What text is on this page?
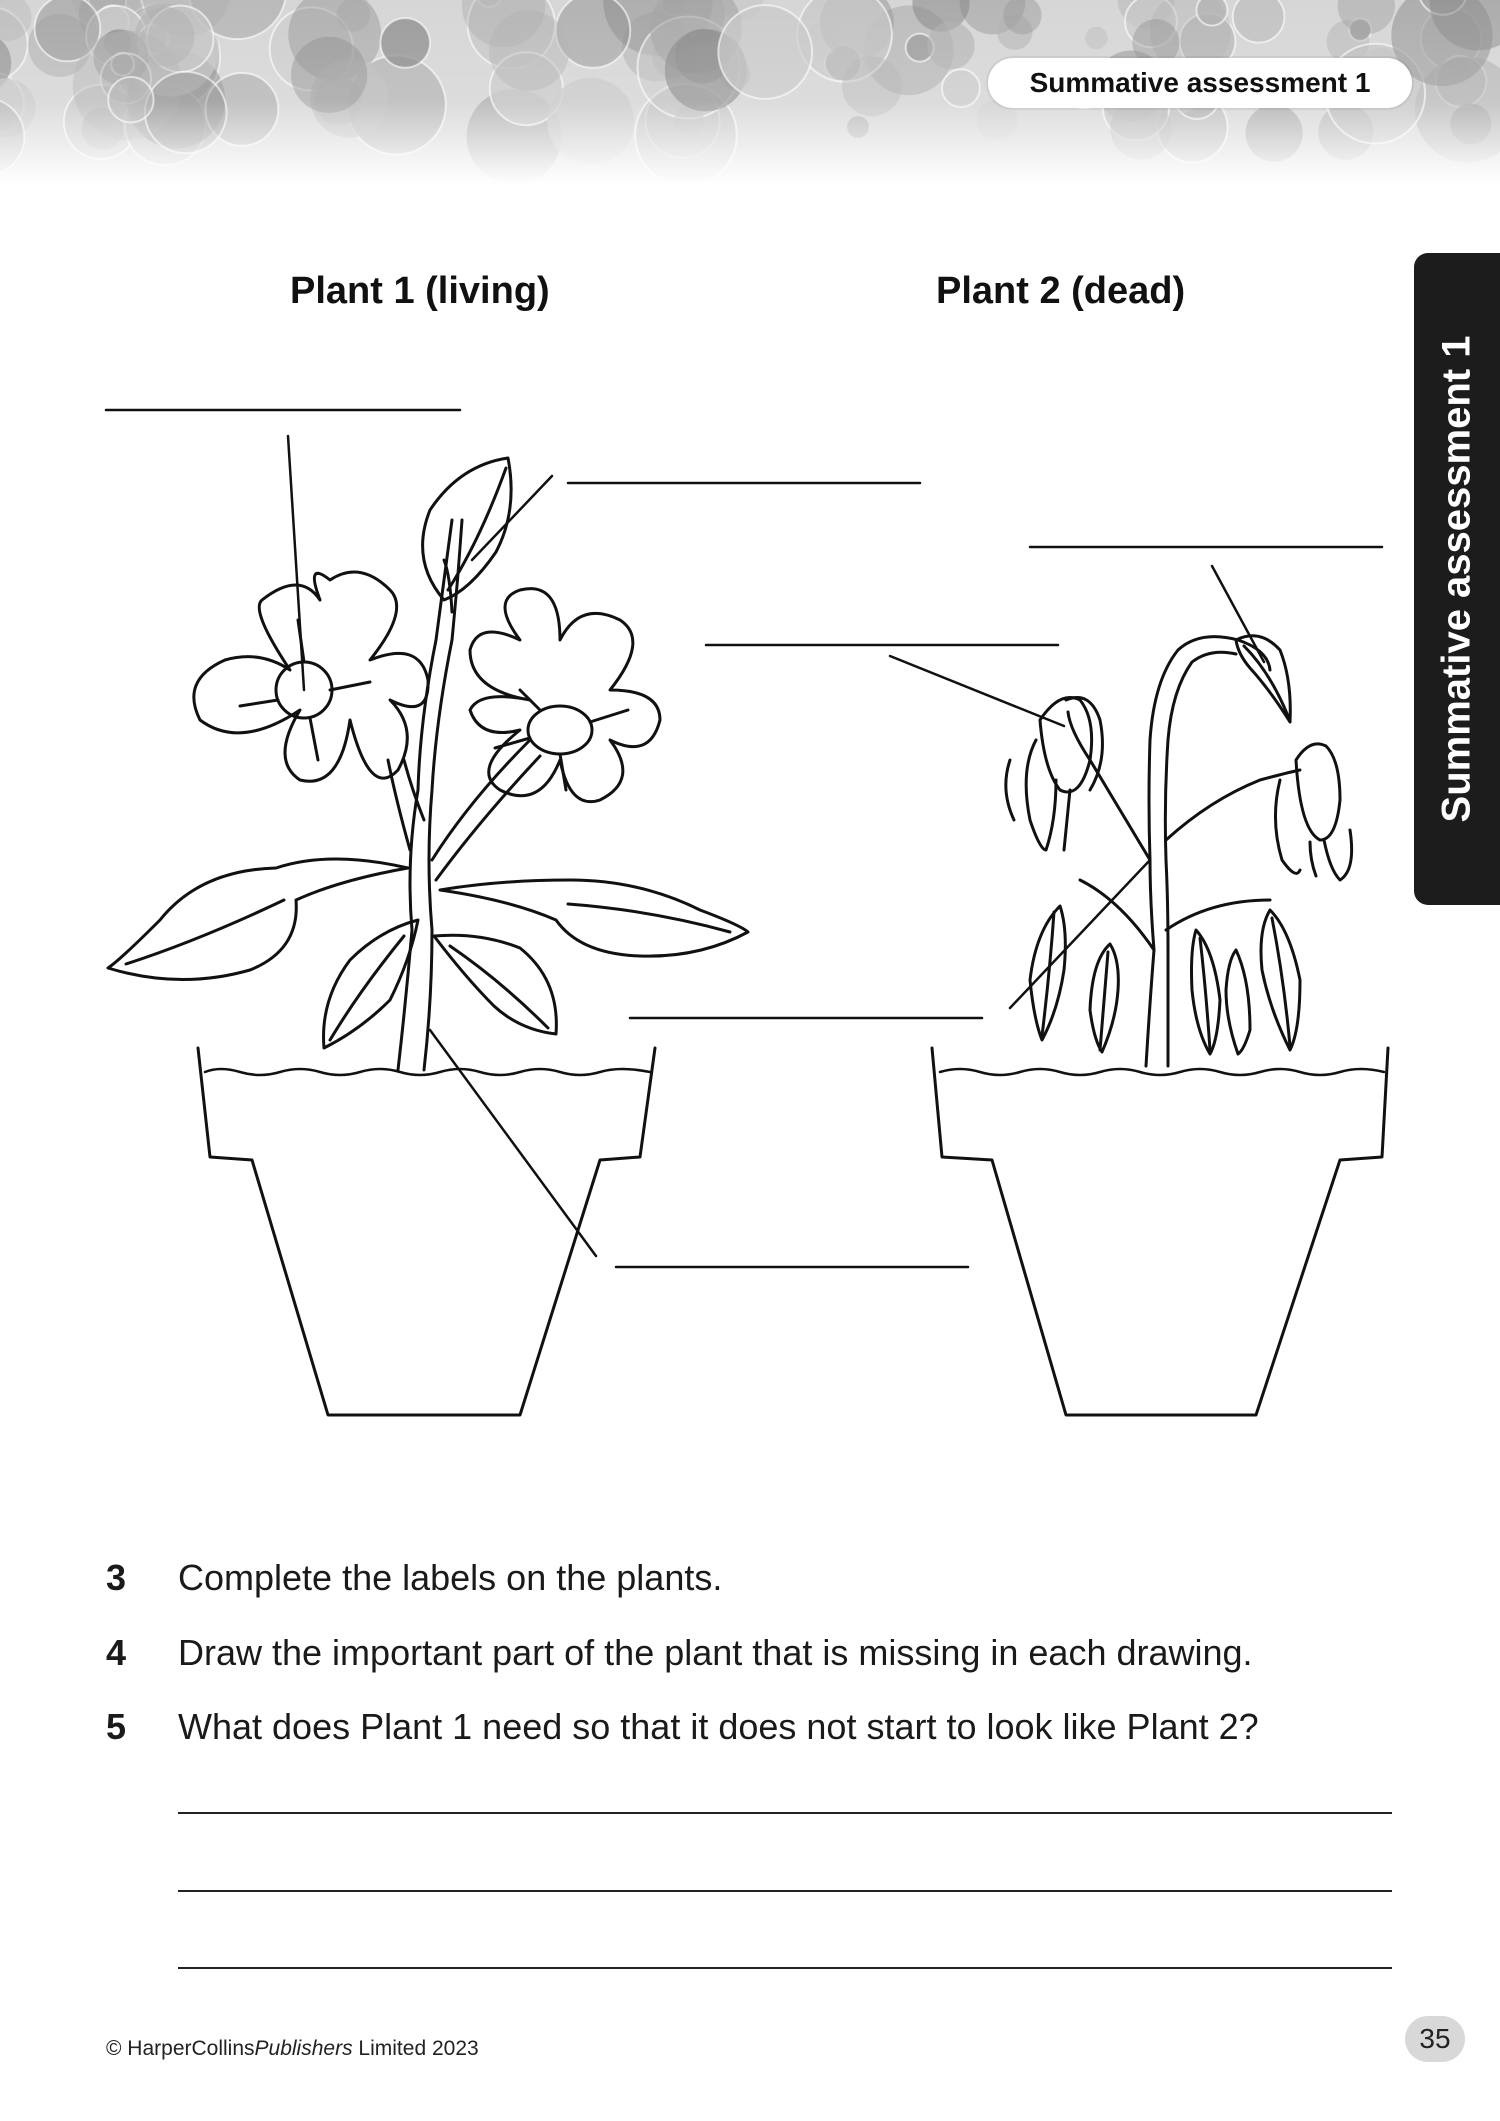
Summative assessment 1
Summative assessment 1
Plant 1 (living)	Plant 2 (dead)
3	Complete the labels on the plants.
4	Draw the important part of the plant that is missing in each drawing.
5	What does Plant 1 need so that it does not start to look like Plant 2?
© HarperCollinsPublishers Limited 2023	35
